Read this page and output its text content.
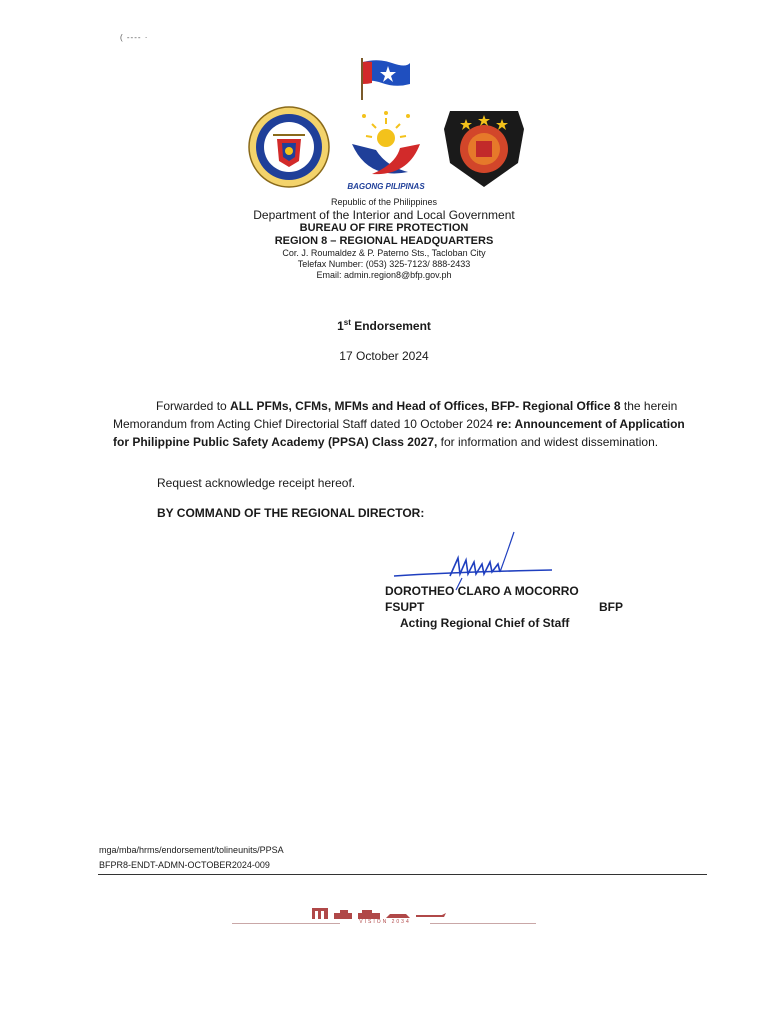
( ---- ·
BAGONG PILIPINAS
Republic of the Philippines
Department of the Interior and Local Government
BUREAU OF FIRE PROTECTION
REGION 8 – REGIONAL HEADQUARTERS
Cor. J. Roumaldez & P. Paterno Sts., Tacloban City
Telefax Number: (053) 325-7123/ 888-2433
Email: admin.region8@bfp.gov.ph
1st Endorsement
17 October 2024
Forwarded to ALL PFMs, CFMs, MFMs and Head of Offices, BFP- Regional Office 8 the herein Memorandum from Acting Chief Directorial Staff dated 10 October 2024 re: Announcement of Application for Philippine Public Safety Academy (PPSA) Class 2027, for information and widest dissemination.
Request acknowledge receipt hereof.
BY COMMAND OF THE REGIONAL DIRECTOR:
DOROTHEO CLARO A MOCORRO
FSUPT	BFP
Acting Regional Chief of Staff
mga/mba/hrms/endorsement/tolineunits/PPSA
BFPR8-ENDT-ADMN-OCTOBER2024-009
VISION 2034
